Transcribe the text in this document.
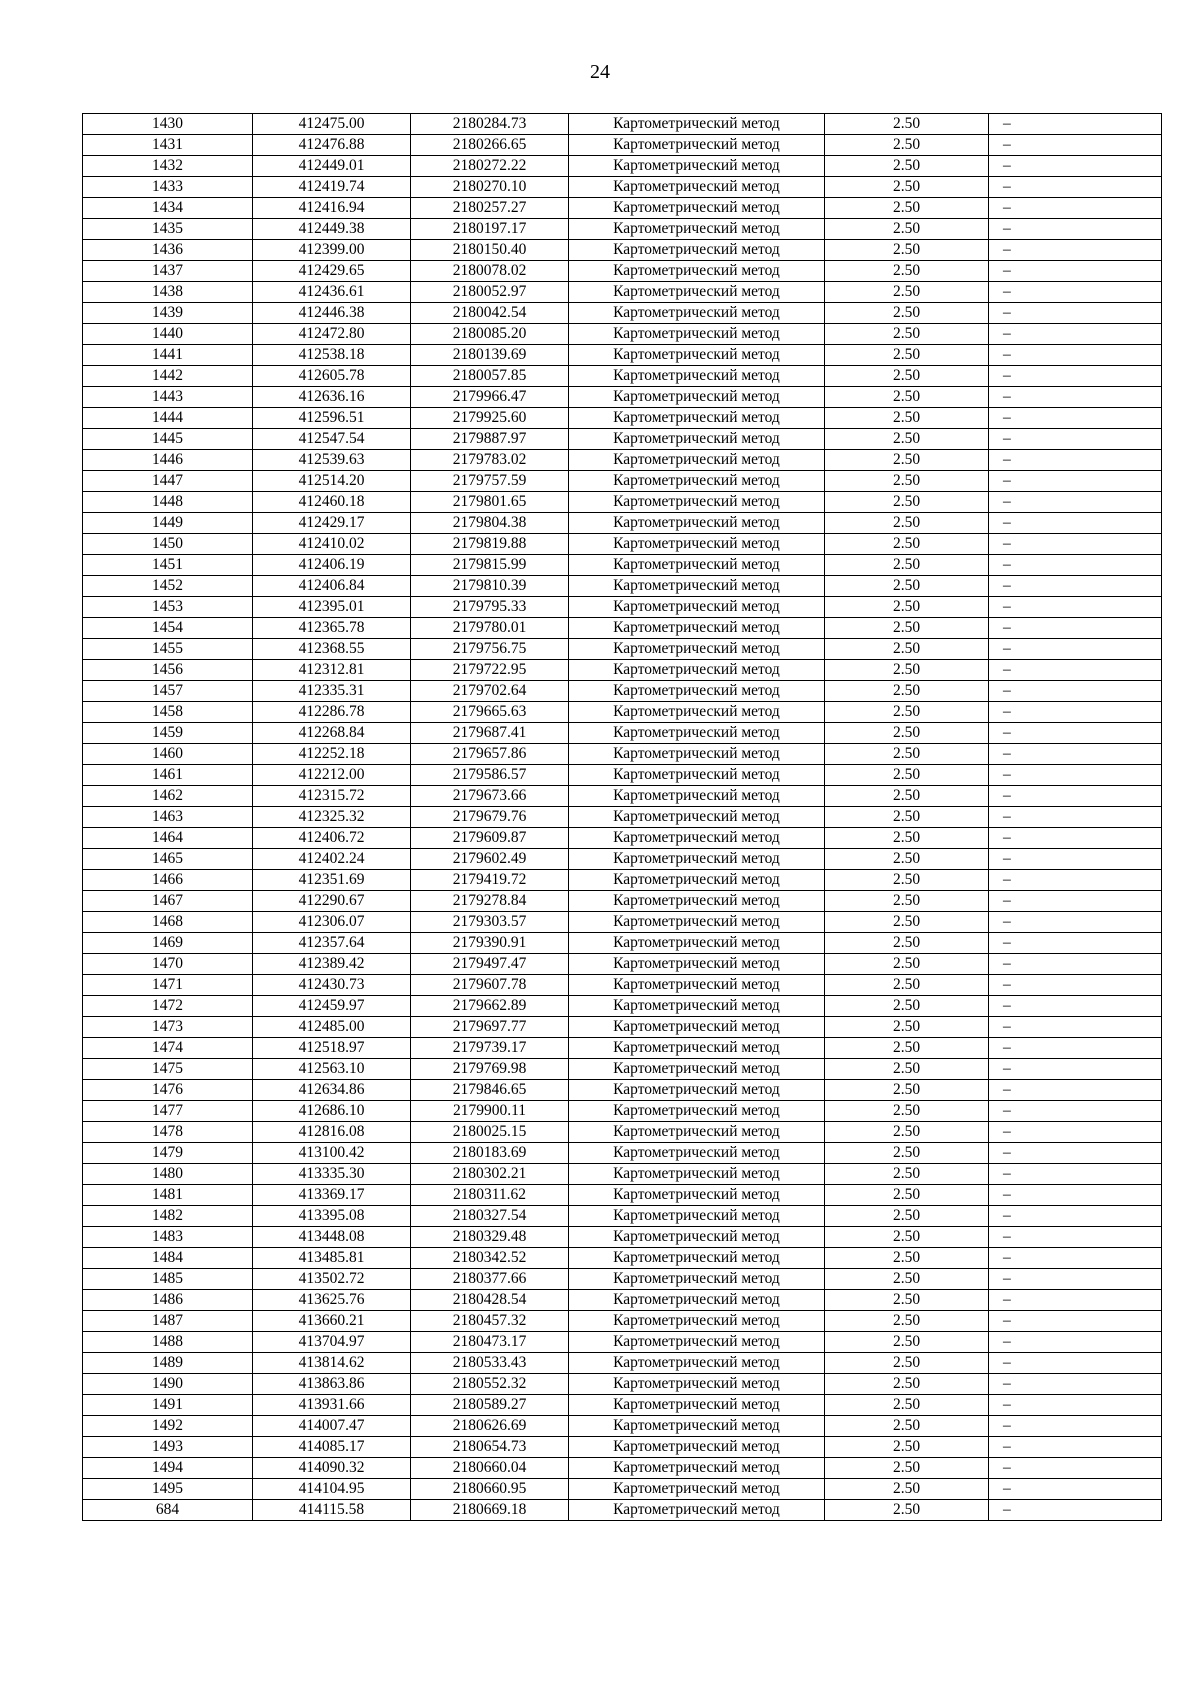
24
1430	412475.00	2180284.73	Картометрический метод	2.50	–
1431	412476.88	2180266.65	Картометрический метод	2.50	–
1432	412449.01	2180272.22	Картометрический метод	2.50	–
1433	412419.74	2180270.10	Картометрический метод	2.50	–
1434	412416.94	2180257.27	Картометрический метод	2.50	–
1435	412449.38	2180197.17	Картометрический метод	2.50	–
1436	412399.00	2180150.40	Картометрический метод	2.50	–
1437	412429.65	2180078.02	Картометрический метод	2.50	–
1438	412436.61	2180052.97	Картометрический метод	2.50	–
1439	412446.38	2180042.54	Картометрический метод	2.50	–
1440	412472.80	2180085.20	Картометрический метод	2.50	–
1441	412538.18	2180139.69	Картометрический метод	2.50	–
1442	412605.78	2180057.85	Картометрический метод	2.50	–
1443	412636.16	2179966.47	Картометрический метод	2.50	–
1444	412596.51	2179925.60	Картометрический метод	2.50	–
1445	412547.54	2179887.97	Картометрический метод	2.50	–
1446	412539.63	2179783.02	Картометрический метод	2.50	–
1447	412514.20	2179757.59	Картометрический метод	2.50	–
1448	412460.18	2179801.65	Картометрический метод	2.50	–
1449	412429.17	2179804.38	Картометрический метод	2.50	–
1450	412410.02	2179819.88	Картометрический метод	2.50	–
1451	412406.19	2179815.99	Картометрический метод	2.50	–
1452	412406.84	2179810.39	Картометрический метод	2.50	–
1453	412395.01	2179795.33	Картометрический метод	2.50	–
1454	412365.78	2179780.01	Картометрический метод	2.50	–
1455	412368.55	2179756.75	Картометрический метод	2.50	–
1456	412312.81	2179722.95	Картометрический метод	2.50	–
1457	412335.31	2179702.64	Картометрический метод	2.50	–
1458	412286.78	2179665.63	Картометрический метод	2.50	–
1459	412268.84	2179687.41	Картометрический метод	2.50	–
1460	412252.18	2179657.86	Картометрический метод	2.50	–
1461	412212.00	2179586.57	Картометрический метод	2.50	–
1462	412315.72	2179673.66	Картометрический метод	2.50	–
1463	412325.32	2179679.76	Картометрический метод	2.50	–
1464	412406.72	2179609.87	Картометрический метод	2.50	–
1465	412402.24	2179602.49	Картометрический метод	2.50	–
1466	412351.69	2179419.72	Картометрический метод	2.50	–
1467	412290.67	2179278.84	Картометрический метод	2.50	–
1468	412306.07	2179303.57	Картометрический метод	2.50	–
1469	412357.64	2179390.91	Картометрический метод	2.50	–
1470	412389.42	2179497.47	Картометрический метод	2.50	–
1471	412430.73	2179607.78	Картометрический метод	2.50	–
1472	412459.97	2179662.89	Картометрический метод	2.50	–
1473	412485.00	2179697.77	Картометрический метод	2.50	–
1474	412518.97	2179739.17	Картометрический метод	2.50	–
1475	412563.10	2179769.98	Картометрический метод	2.50	–
1476	412634.86	2179846.65	Картометрический метод	2.50	–
1477	412686.10	2179900.11	Картометрический метод	2.50	–
1478	412816.08	2180025.15	Картометрический метод	2.50	–
1479	413100.42	2180183.69	Картометрический метод	2.50	–
1480	413335.30	2180302.21	Картометрический метод	2.50	–
1481	413369.17	2180311.62	Картометрический метод	2.50	–
1482	413395.08	2180327.54	Картометрический метод	2.50	–
1483	413448.08	2180329.48	Картометрический метод	2.50	–
1484	413485.81	2180342.52	Картометрический метод	2.50	–
1485	413502.72	2180377.66	Картометрический метод	2.50	–
1486	413625.76	2180428.54	Картометрический метод	2.50	–
1487	413660.21	2180457.32	Картометрический метод	2.50	–
1488	413704.97	2180473.17	Картометрический метод	2.50	–
1489	413814.62	2180533.43	Картометрический метод	2.50	–
1490	413863.86	2180552.32	Картометрический метод	2.50	–
1491	413931.66	2180589.27	Картометрический метод	2.50	–
1492	414007.47	2180626.69	Картометрический метод	2.50	–
1493	414085.17	2180654.73	Картометрический метод	2.50	–
1494	414090.32	2180660.04	Картометрический метод	2.50	–
1495	414104.95	2180660.95	Картометрический метод	2.50	–
684	414115.58	2180669.18	Картометрический метод	2.50	–
